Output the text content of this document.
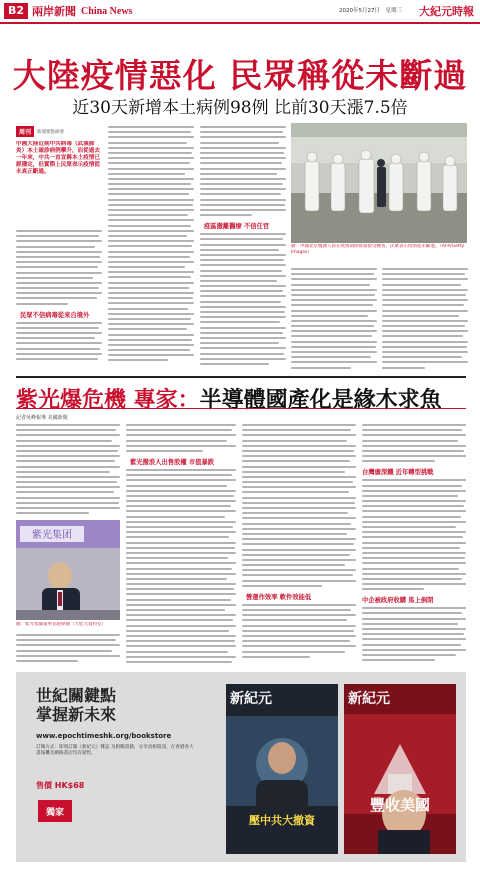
B2 兩岸新聞 China News	2020年5月27日　星期三 大紀元時報
大陸疫情惡化 民眾稱從未斷過
近30天新增本土病例98例 比前30天漲7.5倍
周刊	新聞要點摘要
中國大陸近期中共病毒（武漢肺炎）本土確診病例攀升，而從過去一年來，中共一直宣稱本土疫情已經穩定，但實際上民眾表示疫情從未真正斷過。
民眾不信病毒從來自境外
疫區撤離醫療 不信任官
圖：中國北京醫護人員在疫情期間排隊接受檢查，民眾表示疫情從未斷過。（AFP/Getty Images）
紫光爆危機 專家：半導體國產化是緣木求魚
記者吳峰報導 美國新聞
紫光集团
圖：紫光集團董事長趙偉國（大紀元資料室）
紫光撥浪人出售股權 市值暴跌
營運作效率 軟件效能低
台灣廣深鐵 近年轉型挑戰
中企被政府收購 馬上倒閉
世紀關鍵點
掌握新未來
www.epochtimeshk.org/bookstore
訂閱方式：即刻訂閱《新紀元》雜誌 及相關書籍，分享真相資訊，在香港各大書報攤及網路書店均有銷售。
售價 HK$68
獨家
新紀元
壓中共大撤資
新紀元
豐收美國
